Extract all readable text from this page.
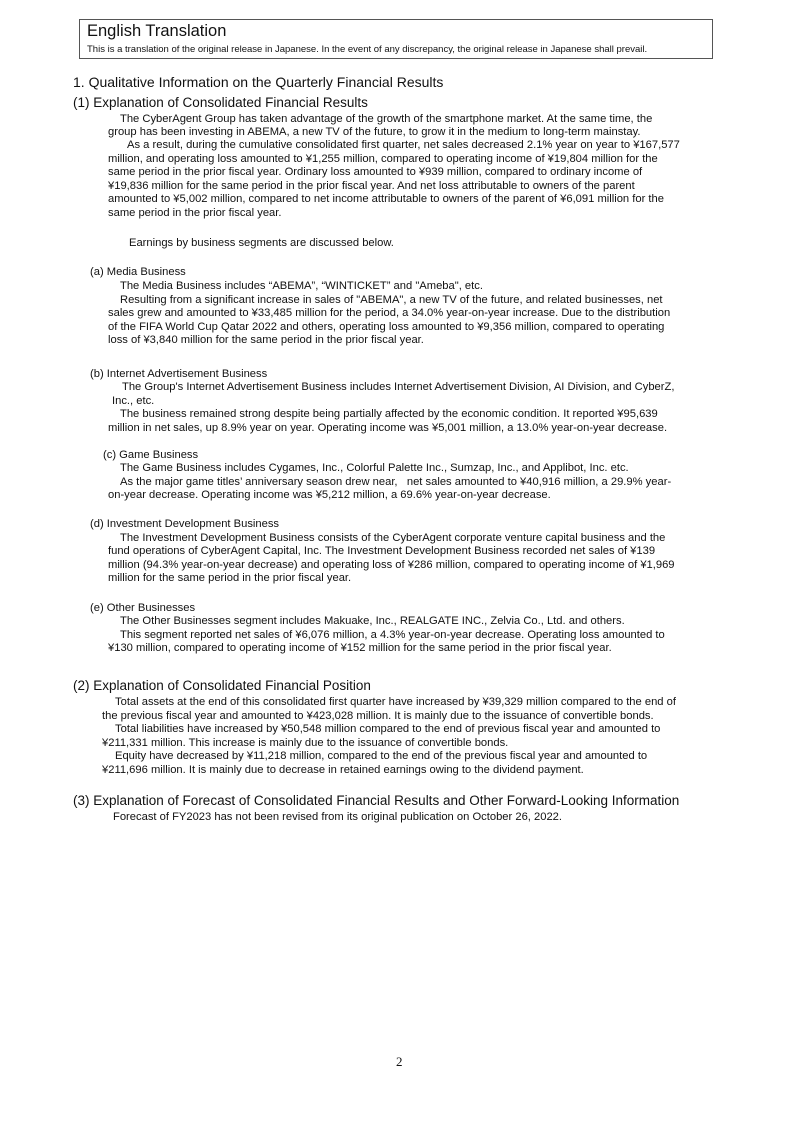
English Translation
This is a translation of the original release in Japanese. In the event of any discrepancy, the original release in Japanese shall prevail.
1. Qualitative Information on the Quarterly Financial Results
(1) Explanation of Consolidated Financial Results
The CyberAgent Group has taken advantage of the growth of the smartphone market. At the same time, the
group has been investing in ABEMA, a new TV of the future, to grow it in the medium to long-term mainstay.
As a result, during the cumulative consolidated first quarter, net sales decreased 2.1% year on year to ¥167,577
million, and operating loss amounted to ¥1,255 million, compared to operating income of ¥19,804 million for the
same period in the prior fiscal year. Ordinary loss amounted to ¥939 million, compared to ordinary income of
¥19,836 million for the same period in the prior fiscal year. And net loss attributable to owners of the parent
amounted to ¥5,002 million, compared to net income attributable to owners of the parent of ¥6,091 million for the
same period in the prior fiscal year.
Earnings by business segments are discussed below.
(a) Media Business
The Media Business includes “ABEMA”, “WINTICKET” and "Ameba", etc.
Resulting from a significant increase in sales of "ABEMA", a new TV of the future, and related businesses, net
sales grew and amounted to ¥33,485 million for the period, a 34.0% year-on-year increase. Due to the distribution
of the FIFA World Cup Qatar 2022 and others, operating loss amounted to ¥9,356 million, compared to operating
loss of ¥3,840 million for the same period in the prior fiscal year.
(b) Internet Advertisement Business
The Group's Internet Advertisement Business includes Internet Advertisement Division, AI Division, and CyberZ,
Inc., etc.
The business remained strong despite being partially affected by the economic condition. It reported ¥95,639
million in net sales, up 8.9% year on year. Operating income was ¥5,001 million, a 13.0% year-on-year decrease.
(c) Game Business
The Game Business includes Cygames, Inc., Colorful Palette Inc., Sumzap, Inc., and Applibot, Inc. etc.
As the major game titles’ anniversary season drew near,   net sales amounted to ¥40,916 million, a 29.9% year-
on-year decrease. Operating income was ¥5,212 million, a 69.6% year-on-year decrease.
(d) Investment Development Business
The Investment Development Business consists of the CyberAgent corporate venture capital business and the
fund operations of CyberAgent Capital, Inc. The Investment Development Business recorded net sales of ¥139
million (94.3% year-on-year decrease) and operating loss of ¥286 million, compared to operating income of ¥1,969
million for the same period in the prior fiscal year.
(e) Other Businesses
The Other Businesses segment includes Makuake, Inc., REALGATE INC., Zelvia Co., Ltd. and others.
This segment reported net sales of ¥6,076 million, a 4.3% year-on-year decrease. Operating loss amounted to
¥130 million, compared to operating income of ¥152 million for the same period in the prior fiscal year.
(2) Explanation of Consolidated Financial Position
Total assets at the end of this consolidated first quarter have increased by ¥39,329 million compared to the end of
the previous fiscal year and amounted to ¥423,028 million. It is mainly due to the issuance of convertible bonds.
Total liabilities have increased by ¥50,548 million compared to the end of previous fiscal year and amounted to
¥211,331 million. This increase is mainly due to the issuance of convertible bonds.
Equity have decreased by ¥11,218 million, compared to the end of the previous fiscal year and amounted to
¥211,696 million. It is mainly due to decrease in retained earnings owing to the dividend payment.
(3) Explanation of Forecast of Consolidated Financial Results and Other Forward-Looking Information
Forecast of FY2023 has not been revised from its original publication on October 26, 2022.
2
